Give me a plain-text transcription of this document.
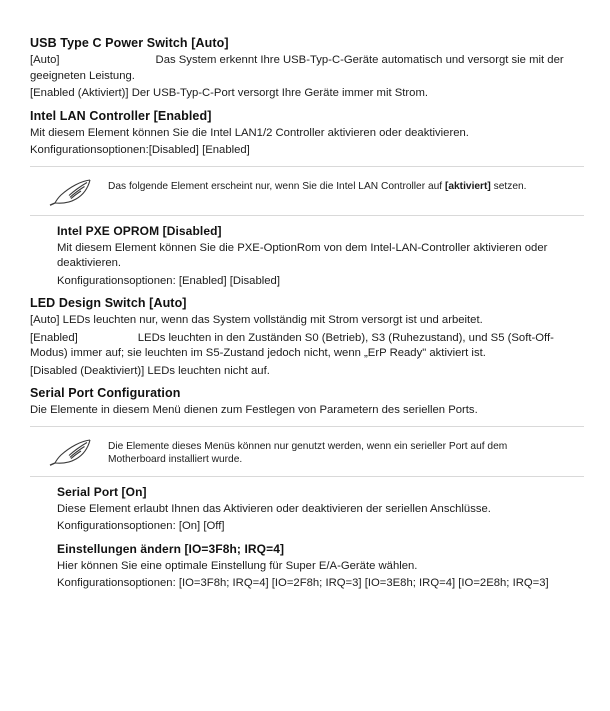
USB Type C Power Switch [Auto]
[Auto]	Das System erkennt Ihre USB-Typ-C-Geräte automatisch und versorgt sie mit der geeigneten Leistung.
[Enabled (Aktiviert)] Der USB-Typ-C-Port versorgt Ihre Geräte immer mit Strom.
Intel LAN Controller [Enabled]
Mit diesem Element können Sie die Intel LAN1/2 Controller aktivieren oder deaktivieren.
Konfigurationsoptionen:[Disabled] [Enabled]
Das folgende Element erscheint nur, wenn Sie die Intel LAN Controller auf [aktiviert] setzen.
Intel PXE OPROM [Disabled]
Mit diesem Element können Sie die PXE-OptionRom von dem Intel-LAN-Controller aktivieren oder deaktivieren.
Konfigurationsoptionen: [Enabled] [Disabled]
LED Design Switch [Auto]
[Auto] LEDs leuchten nur, wenn das System vollständig mit Strom versorgt ist und arbeitet.
[Enabled]	LEDs leuchten in den Zuständen S0 (Betrieb), S3 (Ruhezustand), und S5 (Soft-Off-Modus) immer auf; sie leuchten im S5-Zustand jedoch nicht, wenn „ErP Ready" aktiviert ist.
[Disabled (Deaktiviert)] LEDs leuchten nicht auf.
Serial Port Configuration
Die Elemente in diesem Menü dienen zum Festlegen von Parametern des seriellen Ports.
Die Elemente dieses Menüs können nur genutzt werden, wenn ein serieller Port auf dem Motherboard installiert wurde.
Serial Port [On]
Diese Element erlaubt Ihnen das Aktivieren oder deaktivieren der seriellen Anschlüsse.
Konfigurationsoptionen: [On] [Off]
Einstellungen ändern [IO=3F8h; IRQ=4]
Hier können Sie eine optimale Einstellung für Super E/A-Geräte wählen.
Konfigurationsoptionen: [IO=3F8h; IRQ=4] [IO=2F8h; IRQ=3] [IO=3E8h; IRQ=4] [IO=2E8h; IRQ=3]
